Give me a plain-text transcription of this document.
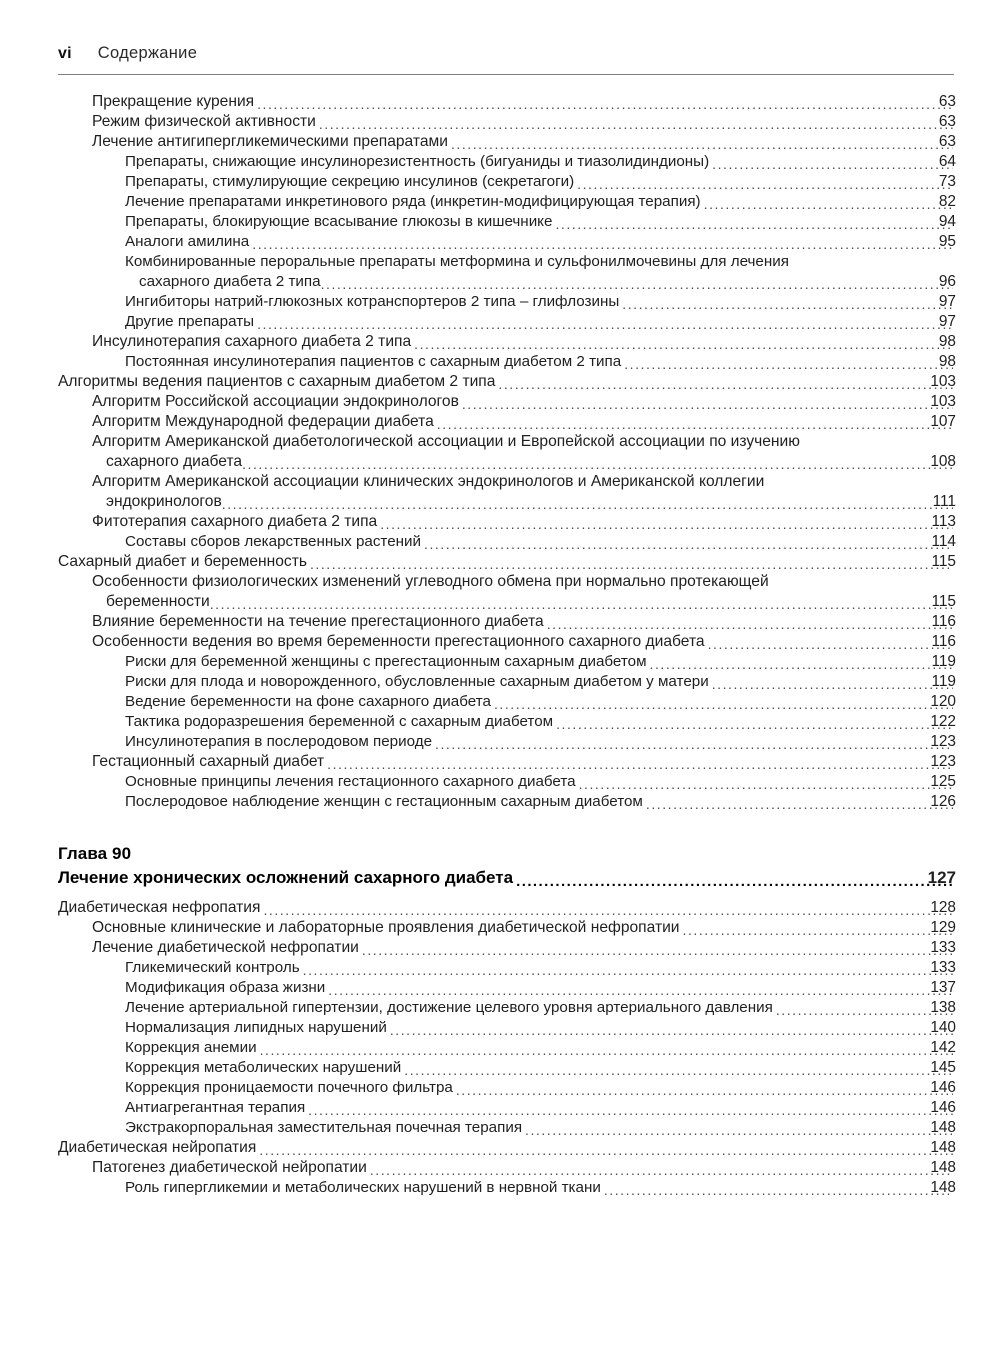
vi Содержание
Прекращение курения .....	63
Режим физической активности .....	63
Лечение антигипергликемическими препаратами .....	63
Препараты, снижающие инсулинорезистентность (бигуаниды и тиазолидиндионы) .....	64
Препараты, стимулирующие секрецию инсулинов (секретагоги) .....	73
Лечение препаратами инкретинового ряда (инкретин-модифицирующая терапия) .....	82
Препараты, блокирующие всасывание глюкозы в кишечнике .....	94
Аналоги амилина .....	95
Комбинированные пероральные препараты метформина и сульфонилмочевины для лечения
сахарного диабета 2 типа .....	96
Ингибиторы натрий-глюкозных котранспортеров 2 типа – глифлозины .....	97
Другие препараты .....	97
Инсулинотерапия сахарного диабета 2 типа .....	98
Постоянная инсулинотерапия пациентов с сахарным диабетом 2 типа .....	98
Алгоритмы ведения пациентов с сахарным диабетом 2 типа .....	103
Алгоритм Российской ассоциации эндокринологов .....	103
Алгоритм Международной федерации диабета .....	107
Алгоритм Американской диабетологической ассоциации и Европейской ассоциации по изучению
сахарного диабета .....	108
Алгоритм Американской ассоциации клинических эндокринологов и Американской коллегии
эндокринологов .....	111
Фитотерапия сахарного диабета 2 типа .....	113
Составы сборов лекарственных растений .....	114
Сахарный диабет и беременность .....	115
Особенности физиологических изменений углеводного обмена при нормально протекающей
беременности .....	115
Влияние беременности на течение прегестационного диабета .....	116
Особенности ведения во время беременности прегестационного сахарного диабета .....	116
Риски для беременной женщины с прегестационным сахарным диабетом .....	119
Риски для плода и новорожденного, обусловленные сахарным диабетом у матери .....	119
Ведение беременности на фоне сахарного диабета .....	120
Тактика родоразрешения беременной с сахарным диабетом .....	122
Инсулинотерапия в послеродовом периоде .....	123
Гестационный сахарный диабет .....	123
Основные принципы лечения гестационного сахарного диабета .....	125
Послеродовое наблюдение женщин с гестационным сахарным диабетом .....	126
Глава 90
Лечение хронических осложнений сахарного диабета .....	127
Диабетическая нефропатия .....	128
Основные клинические и лабораторные проявления диабетической нефропатии .....	129
Лечение диабетической нефропатии .....	133
Гликемический контроль .....	133
Модификация образа жизни .....	137
Лечение артериальной гипертензии, достижение целевого уровня артериального давления .....	138
Нормализация липидных нарушений .....	140
Коррекция анемии .....	142
Коррекция метаболических нарушений .....	145
Коррекция проницаемости почечного фильтра .....	146
Антиагрегантная терапия .....	146
Экстракорпоральная заместительная почечная терапия .....	148
Диабетическая нейропатия .....	148
Патогенез диабетической нейропатии .....	148
Роль гипергликемии и метаболических нарушений в нервной ткани .....	148
